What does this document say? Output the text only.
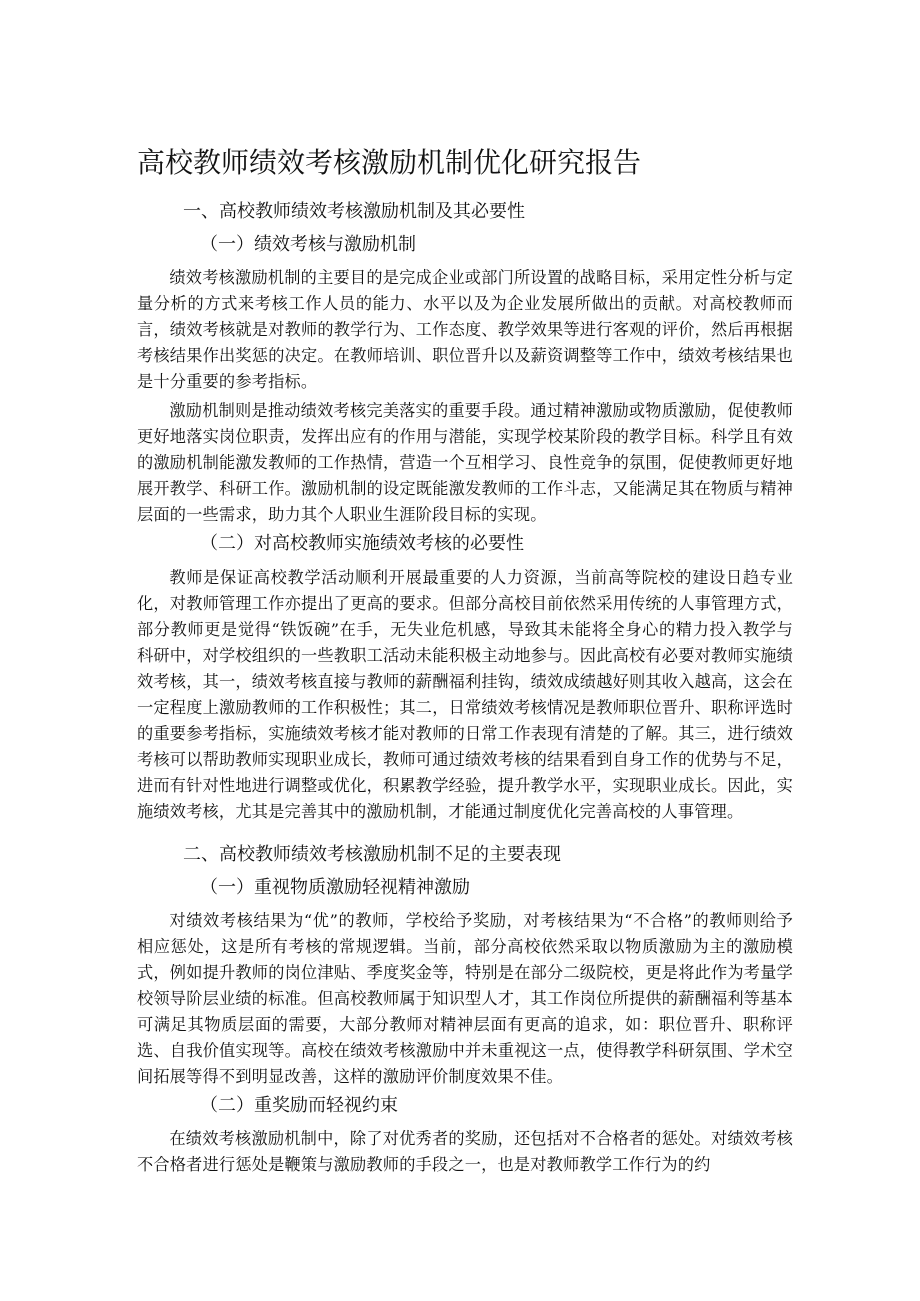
高校教师绩效考核激励机制优化研究报告
一、高校教师绩效考核激励机制及其必要性
（一）绩效考核与激励机制

绩效考核激励机制的主要目的是完成企业或部门所设置的战略目标，采用定性分析与定量分析的方式来考核工作人员的能力、水平以及为企业发展所做出的贡献。对高校教师而言，绩效考核就是对教师的教学行为、工作态度、教学效果等进行客观的评价，然后再根据考核结果作出奖惩的决定。在教师培训、职位晋升以及薪资调整等工作中，绩效考核结果也是十分重要的参考指标。

激励机制则是推动绩效考核完美落实的重要手段。通过精神激励或物质激励，促使教师更好地落实岗位职责，发挥出应有的作用与潜能，实现学校某阶段的教学目标。科学且有效的激励机制能激发教师的工作热情，营造一个互相学习、良性竞争的氛围，促使教师更好地展开教学、科研工作。激励机制的设定既能激发教师的工作斗志，又能满足其在物质与精神层面的一些需求，助力其个人职业生涯阶段目标的实现。

（二）对高校教师实施绩效考核的必要性

教师是保证高校教学活动顺利开展最重要的人力资源，当前高等院校的建设日趋专业化，对教师管理工作亦提出了更高的要求。但部分高校目前依然采用传统的人事管理方式，部分教师更是觉得“铁饭碗”在手，无失业危机感，导致其未能将全身心的精力投入教学与科研中，对学校组织的一些教职工活动未能积极主动地参与。因此高校有必要对教师实施绩效考核，其一，绩效考核直接与教师的薪酬福利挂钩，绩效成绩越好则其收入越高，这会在一定程度上激励教师的工作积极性；其二，日常绩效考核情况是教师职位晋升、职称评选时的重要参考指标，实施绩效考核才能对教师的日常工作表现有清楚的了解。其三，进行绩效考核可以帮助教师实现职业成长，教师可通过绩效考核的结果看到自身工作的优势与不足，进而有针对性地进行调整或优化，积累教学经验，提升教学水平，实现职业成长。因此，实施绩效考核，尤其是完善其中的激励机制，才能通过制度优化完善高校的人事管理。

二、高校教师绩效考核激励机制不足的主要表现
（一）重视物质激励轻视精神激励

对绩效考核结果为“优”的教师，学校给予奖励，对考核结果为“不合格”的教师则给予相应惩处，这是所有考核的常规逻辑。当前，部分高校依然采取以物质激励为主的激励模式，例如提升教师的岗位津贴、季度奖金等，特别是在部分二级院校，更是将此作为考量学校领导阶层业绩的标准。但高校教师属于知识型人才，其工作岗位所提供的薪酬福利等基本可满足其物质层面的需要，大部分教师对精神层面有更高的追求，如：职位晋升、职称评选、自我价值实现等。高校在绩效考核激励中并未重视这一点，使得教学科研氛围、学术空间拓展等得不到明显改善，这样的激励评价制度效果不佳。

（二）重奖励而轻视约束

在绩效考核激励机制中，除了对优秀者的奖励，还包括对不合格者的惩处。对绩效考核不合格者进行惩处是鞭策与激励教师的手段之一，也是对教师教学工作行为的约
